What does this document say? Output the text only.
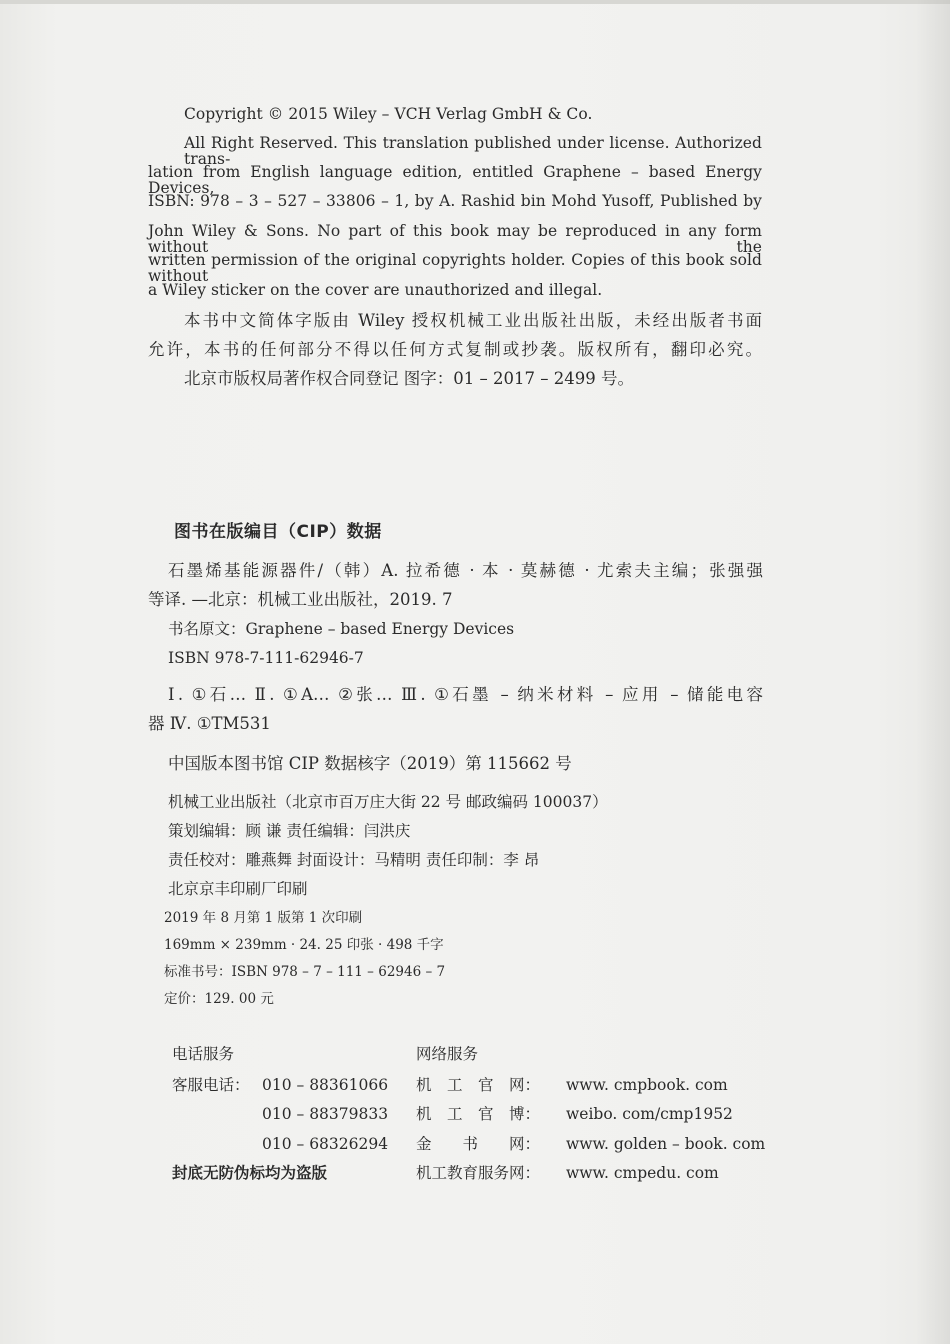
Copyright © 2015 Wiley – VCH Verlag GmbH & Co.
All Right Reserved. This translation published under license. Authorized trans-
lation from English language edition, entitled Graphene – based Energy Devices,
ISBN: 978 – 3 – 527 – 33806 – 1, by A. Rashid bin Mohd Yusoff, Published by
John Wiley & Sons. No part of this book may be reproduced in any form without the
written permission of the original copyrights holder. Copies of this book sold without
a Wiley sticker on the cover are unauthorized and illegal.
本书中文简体字版由 Wiley 授权机械工业出版社出版，未经出版者书面
允许，本书的任何部分不得以任何方式复制或抄袭。版权所有，翻印必究。
北京市版权局著作权合同登记 图字：01 – 2017 – 2499 号。
图书在版编目（CIP）数据
石墨烯基能源器件/（韩）A. 拉希德 · 本 · 莫赫德 · 尤索夫主编；张强强
等译. —北京：机械工业出版社，2019. 7
书名原文：Graphene – based Energy Devices
ISBN 978-7-111-62946-7
Ⅰ. ①石… Ⅱ. ①A… ②张… Ⅲ. ①石墨 – 纳米材料 – 应用 – 储能电容
器 Ⅳ. ①TM531
中国版本图书馆 CIP 数据核字（2019）第 115662 号
机械工业出版社（北京市百万庄大街 22 号 邮政编码 100037）
策划编辑：顾 谦 责任编辑：闫洪庆
责任校对：雕燕舞 封面设计：马精明 责任印制：李 昂
北京京丰印刷厂印刷
2019 年 8 月第 1 版第 1 次印刷
169mm × 239mm · 24. 25 印张 · 498 千字
标准书号：ISBN 978 – 7 – 111 – 62946 – 7
定价：129. 00 元
电话服务	网络服务
客服电话： 010 – 88361066
010 – 88379833
010 – 68326294
机　工　官　网： www. cmpbook. com
机　工　官　博： weibo. com/cmp1952
金　　书　　网： www. golden – book. com
封底无防伪标均为盗版	机工教育服务网： www. cmpedu. com
